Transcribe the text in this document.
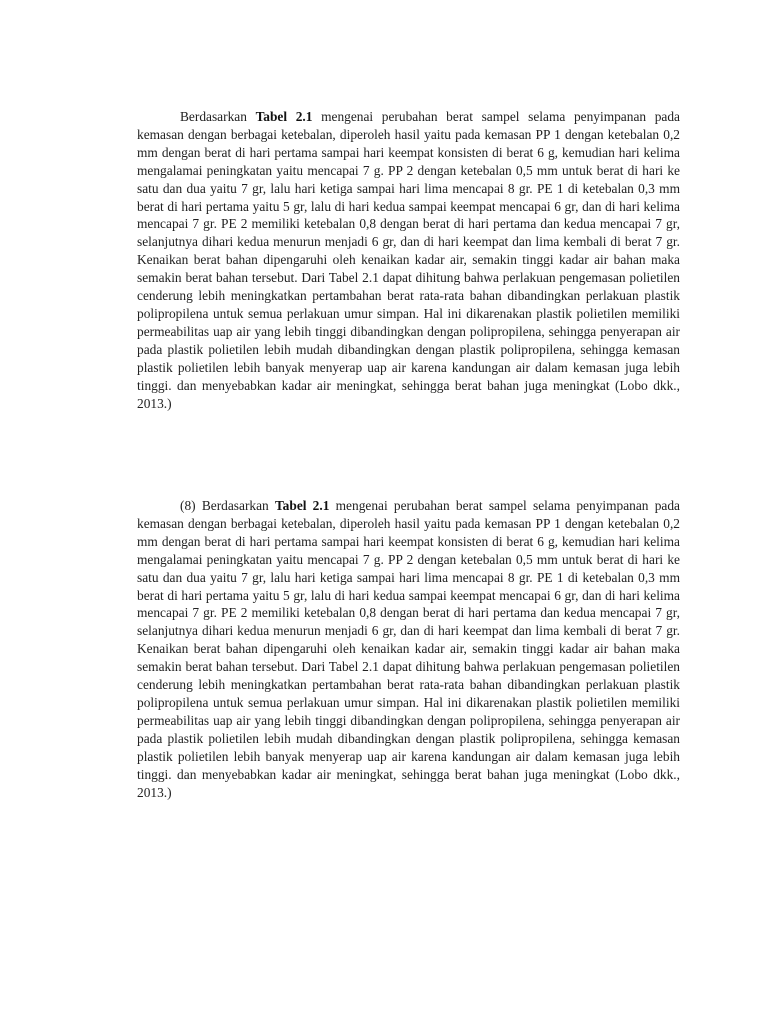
Berdasarkan Tabel 2.1 mengenai perubahan berat sampel selama penyimpanan pada kemasan dengan berbagai ketebalan, diperoleh hasil yaitu pada kemasan PP 1 dengan ketebalan 0,2 mm dengan berat di hari pertama sampai hari keempat konsisten di berat 6 g, kemudian hari kelima mengalamai peningkatan yaitu mencapai 7 g. PP 2 dengan ketebalan 0,5 mm untuk berat di hari ke satu dan dua yaitu 7 gr, lalu hari ketiga sampai hari lima mencapai 8 gr. PE 1 di ketebalan 0,3 mm berat di hari pertama yaitu 5 gr, lalu di hari kedua sampai keempat mencapai 6 gr, dan di hari kelima mencapai 7 gr. PE 2 memiliki ketebalan 0,8 dengan berat di hari pertama dan kedua mencapai 7 gr, selanjutnya dihari kedua menurun menjadi 6 gr, dan di hari keempat dan lima kembali di berat 7 gr. Kenaikan berat bahan dipengaruhi oleh kenaikan kadar air, semakin tinggi kadar air bahan maka semakin berat bahan tersebut. Dari Tabel 2.1 dapat dihitung bahwa perlakuan pengemasan polietilen cenderung lebih meningkatkan pertambahan berat rata-rata bahan dibandingkan perlakuan plastik polipropilena untuk semua perlakuan umur simpan. Hal ini dikarenakan plastik polietilen memiliki permeabilitas uap air yang lebih tinggi dibandingkan dengan polipropilena, sehingga penyerapan air pada plastik polietilen lebih mudah dibandingkan dengan plastik polipropilena, sehingga kemasan plastik polietilen lebih banyak menyerap uap air karena kandungan air dalam kemasan juga lebih tinggi. dan menyebabkan kadar air meningkat, sehingga berat bahan juga meningkat (Lobo dkk., 2013.)

(8) Berdasarkan Tabel 2.1 mengenai perubahan berat sampel selama penyimpanan pada kemasan dengan berbagai ketebalan, diperoleh hasil yaitu pada kemasan PP 1 dengan ketebalan 0,2 mm dengan berat di hari pertama sampai hari keempat konsisten di berat 6 g, kemudian hari kelima mengalamai peningkatan yaitu mencapai 7 g. PP 2 dengan ketebalan 0,5 mm untuk berat di hari ke satu dan dua yaitu 7 gr, lalu hari ketiga sampai hari lima mencapai 8 gr. PE 1 di ketebalan 0,3 mm berat di hari pertama yaitu 5 gr, lalu di hari kedua sampai keempat mencapai 6 gr, dan di hari kelima mencapai 7 gr. PE 2 memiliki ketebalan 0,8 dengan berat di hari pertama dan kedua mencapai 7 gr, selanjutnya dihari kedua menurun menjadi 6 gr, dan di hari keempat dan lima kembali di berat 7 gr. Kenaikan berat bahan dipengaruhi oleh kenaikan kadar air, semakin tinggi kadar air bahan maka semakin berat bahan tersebut. Dari Tabel 2.1 dapat dihitung bahwa perlakuan pengemasan polietilen cenderung lebih meningkatkan pertambahan berat rata-rata bahan dibandingkan perlakuan plastik polipropilena untuk semua perlakuan umur simpan. Hal ini dikarenakan plastik polietilen memiliki permeabilitas uap air yang lebih tinggi dibandingkan dengan polipropilena, sehingga penyerapan air pada plastik polietilen lebih mudah dibandingkan dengan plastik polipropilena, sehingga kemasan plastik polietilen lebih banyak menyerap uap air karena kandungan air dalam kemasan juga lebih tinggi. dan menyebabkan kadar air meningkat, sehingga berat bahan juga meningkat (Lobo dkk., 2013.)
